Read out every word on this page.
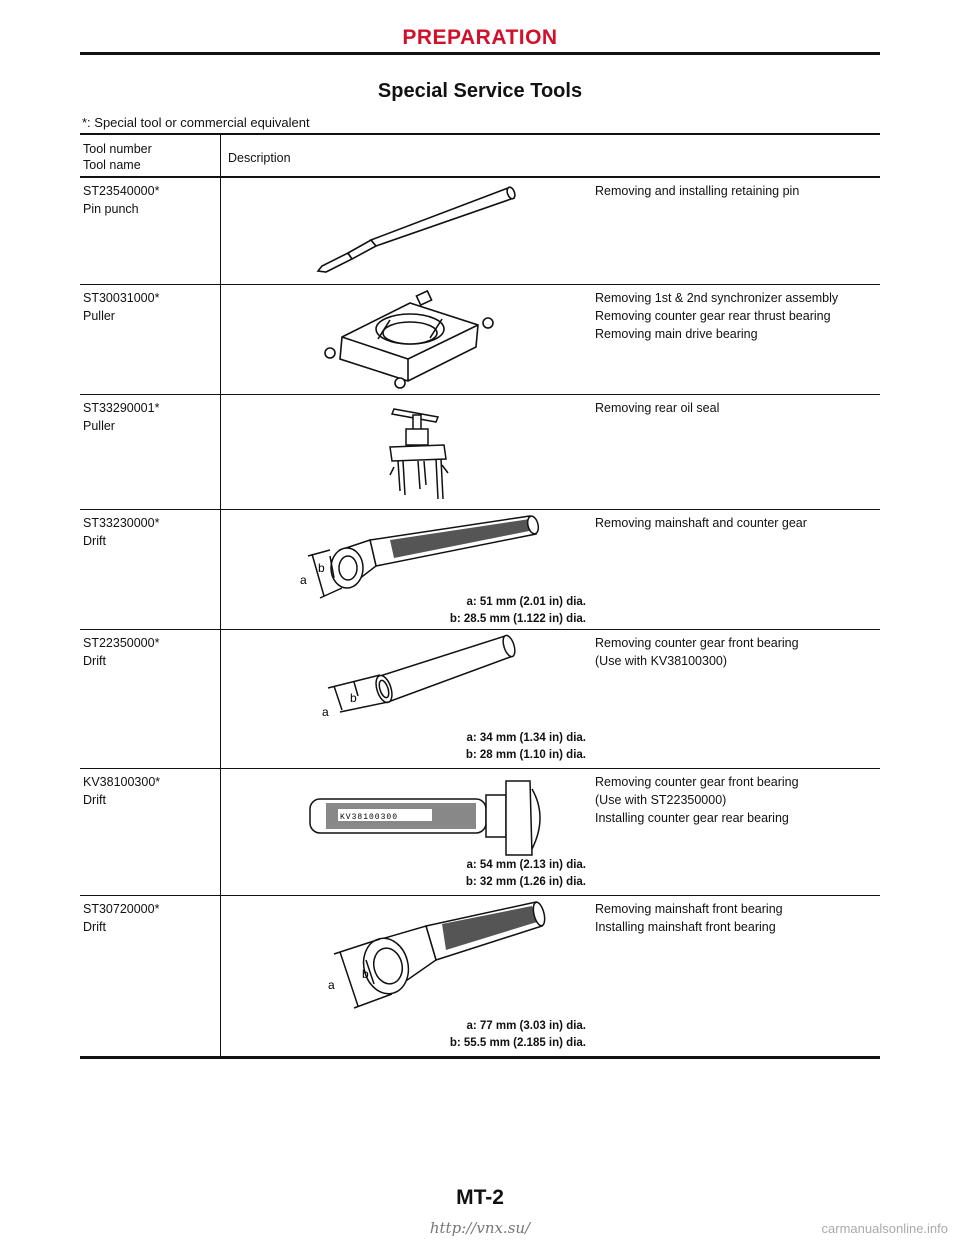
PREPARATION
Special Service Tools
*: Special tool or commercial equivalent
Tool number
Tool name	Description
ST23540000*
Pin punch
Removing and installing retaining pin
ST30031000*
Puller
Removing 1st & 2nd synchronizer assembly
Removing counter gear rear thrust bearing
Removing main drive bearing
ST33290001*
Puller
Removing rear oil seal
ST33230000*
Drift
a
b
a: 51 mm (2.01 in) dia.
b: 28.5 mm (1.122 in) dia.
Removing mainshaft and counter gear
ST22350000*
Drift
a
b
a: 34 mm (1.34 in) dia.
b: 28 mm (1.10 in) dia.
Removing counter gear front bearing
(Use with KV38100300)
KV38100300*
Drift
KV38100300
a: 54 mm (2.13 in) dia.
b: 32 mm (1.26 in) dia.
Removing counter gear front bearing
(Use with ST22350000)
Installing counter gear rear bearing
ST30720000*
Drift
a
b
a: 77 mm (3.03 in) dia.
b: 55.5 mm (2.185 in) dia.
Removing mainshaft front bearing
Installing mainshaft front bearing
MT-2
http://vnx.su/	carmanualsonline.info
